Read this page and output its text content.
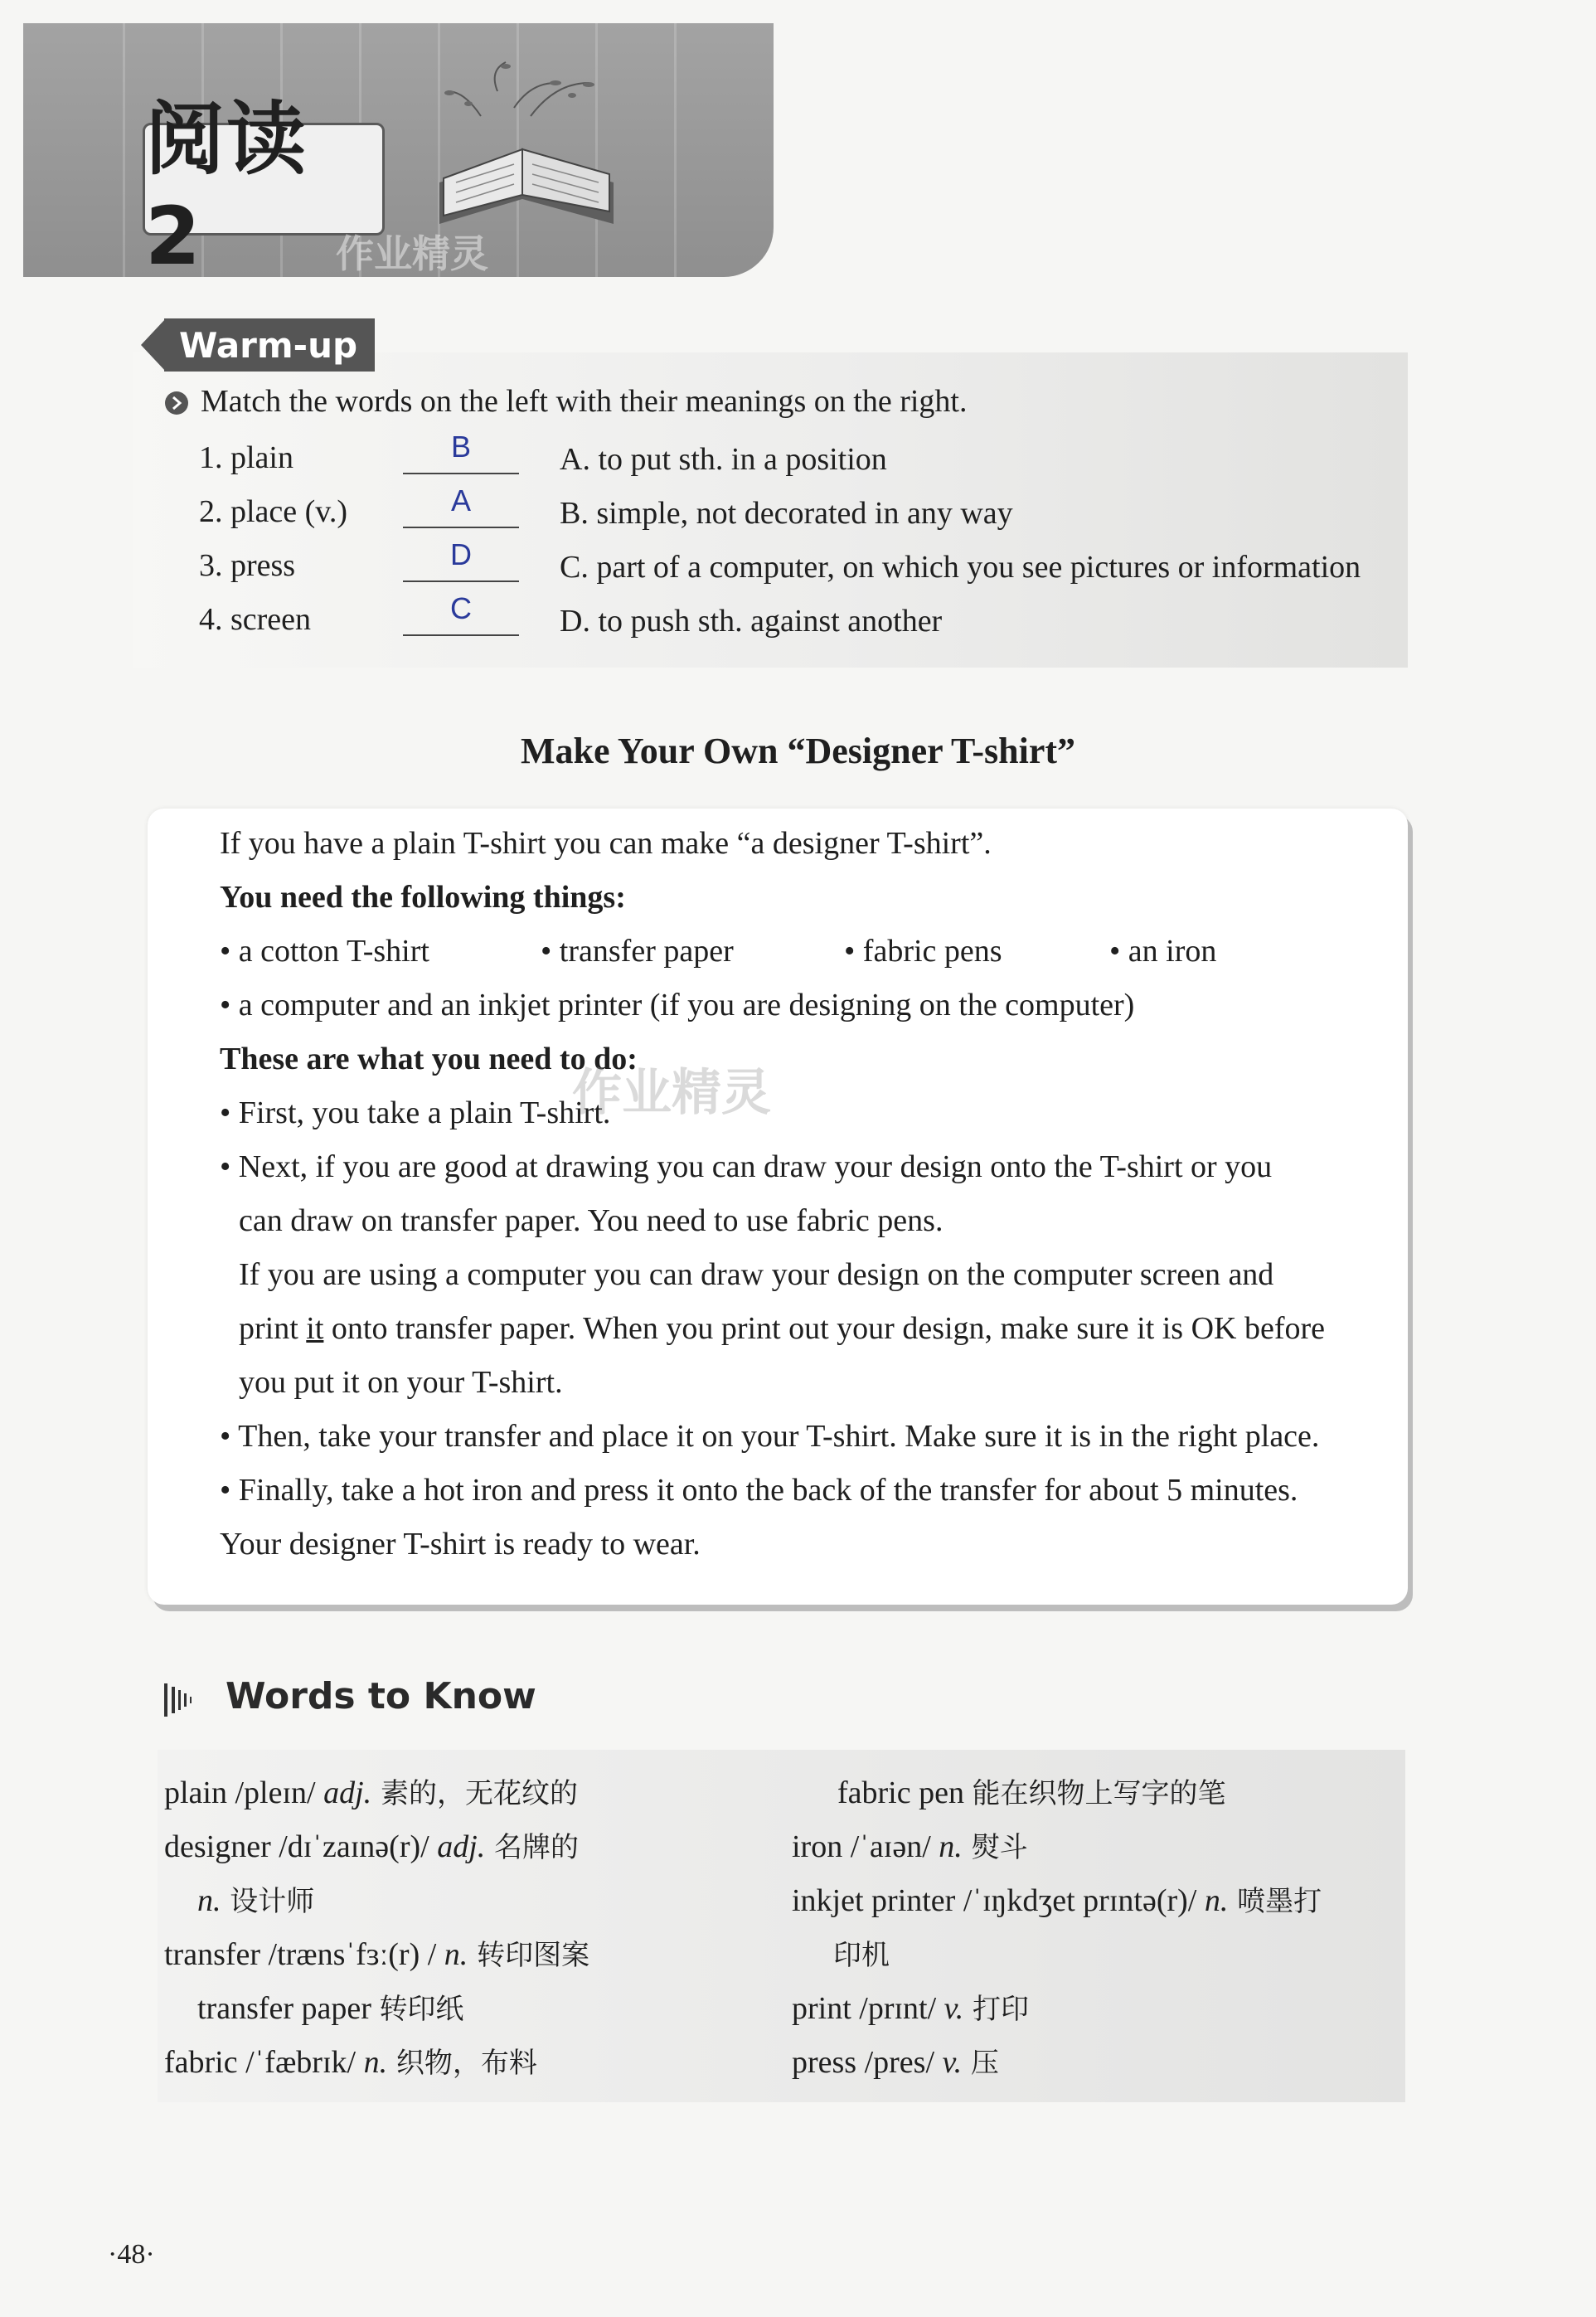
阅读 2	作业精灵
Warm-up
Match the words on the left with their meanings on the right.
1. plain	B	A. to put sth. in a position
2. place (v.)	A	B. simple, not decorated in any way
3. press	D	C. part of a computer, on which you see pictures or information
4. screen	C	D. to push sth. against another
Make Your Own “Designer T-shirt”
If you have a plain T-shirt you can make “a designer T-shirt”.
You need the following things:
• a cotton T-shirt	• transfer paper	• fabric pens	• an iron
• a computer and an inkjet printer (if you are designing on the computer)
These are what you need to do:
• First, you take a plain T-shirt.
• Next, if you are good at drawing you can draw your design onto the T-shirt or you
can draw on transfer paper. You need to use fabric pens.
If you are using a computer you can draw your design on the computer screen and
print it onto transfer paper. When you print out your design, make sure it is OK before
you put it on your T-shirt.
• Then, take your transfer and place it on your T-shirt. Make sure it is in the right place.
• Finally, take a hot iron and press it onto the back of the transfer for about 5 minutes.
Your designer T-shirt is ready to wear.
作业精灵
Words to Know
plain /pleɪn/ adj. 素的，无花纹的
designer /dɪˈzaɪnə(r)/ adj. 名牌的
n. 设计师
transfer /trænsˈfɜː(r) / n. 转印图案
transfer paper 转印纸
fabric /ˈfæbrɪk/ n. 织物，布料
fabric pen 能在织物上写字的笔
iron /ˈaɪən/ n. 熨斗
inkjet printer /ˈɪŋkdʒet prɪntə(r)/ n. 喷墨打
印机
print /prɪnt/ v. 打印
press /pres/ v. 压
·48·
